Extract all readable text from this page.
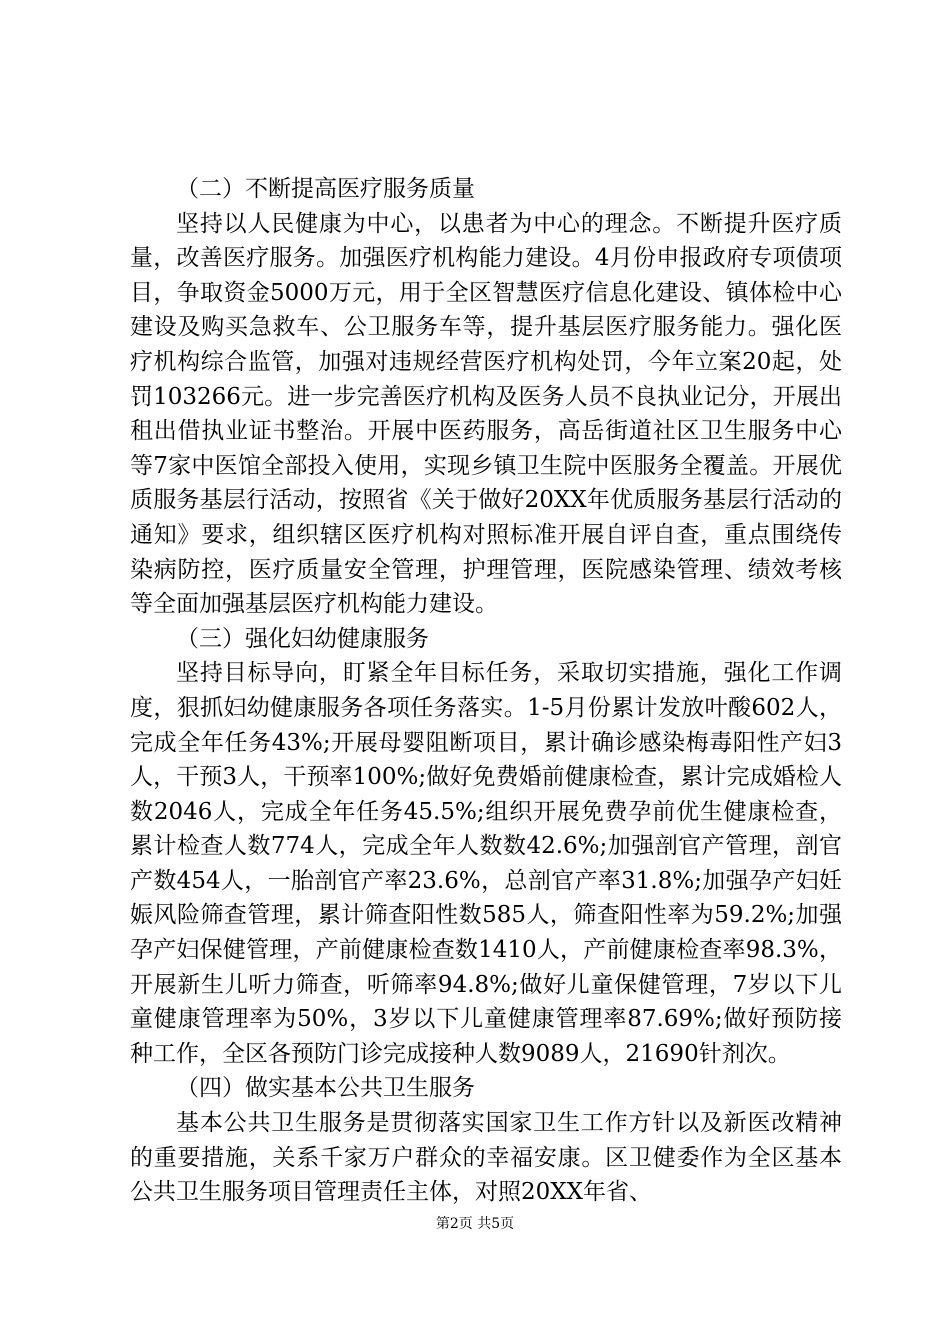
（二）不断提高医疗服务质量

坚持以人民健康为中心，以患者为中心的理念。不断提升医疗质量，改善医疗服务。加强医疗机构能力建设。4月份申报政府专项债项目，争取资金5000万元，用于全区智慧医疗信息化建设、镇体检中心建设及购买急救车、公卫服务车等，提升基层医疗服务能力。强化医疗机构综合监管，加强对违规经营医疗机构处罚，今年立案20起，处罚103266元。进一步完善医疗机构及医务人员不良执业记分，开展出租出借执业证书整治。开展中医药服务，高岳街道社区卫生服务中心等7家中医馆全部投入使用，实现乡镇卫生院中医服务全覆盖。开展优质服务基层行活动，按照省《关于做好20XX年优质服务基层行活动的通知》要求，组织辖区医疗机构对照标准开展自评自查，重点围绕传染病防控，医疗质量安全管理，护理管理，医院感染管理、绩效考核等全面加强基层医疗机构能力建设。

（三）强化妇幼健康服务

坚持目标导向，盯紧全年目标任务，采取切实措施，强化工作调度，狠抓妇幼健康服务各项任务落实。1-5月份累计发放叶酸602人，完成全年任务43%;开展母婴阻断项目，累计确诊感染梅毒阳性产妇3人，干预3人，干预率100%;做好免费婚前健康检查，累计完成婚检人数2046人，完成全年任务45.5%;组织开展免费孕前优生健康检查，累计检查人数774人，完成全年人数数42.6%;加强剖官产管理，剖官产数454人，一胎剖官产率23.6%，总剖官产率31.8%;加强孕产妇妊娠风险筛查管理，累计筛查阳性数585人，筛查阳性率为59.2%;加强孕产妇保健管理，产前健康检查数1410人，产前健康检查率98.3%，开展新生儿听力筛查，听筛率94.8%;做好儿童保健管理，7岁以下儿童健康管理率为50%，3岁以下儿童健康管理率87.69%;做好预防接种工作，全区各预防门诊完成接种人数9089人，21690针剂次。

（四）做实基本公共卫生服务

基本公共卫生服务是贯彻落实国家卫生工作方针以及新医改精神的重要措施，关系千家万户群众的幸福安康。区卫健委作为全区基本公共卫生服务项目管理责任主体，对照20XX年省、

第2页 共5页
